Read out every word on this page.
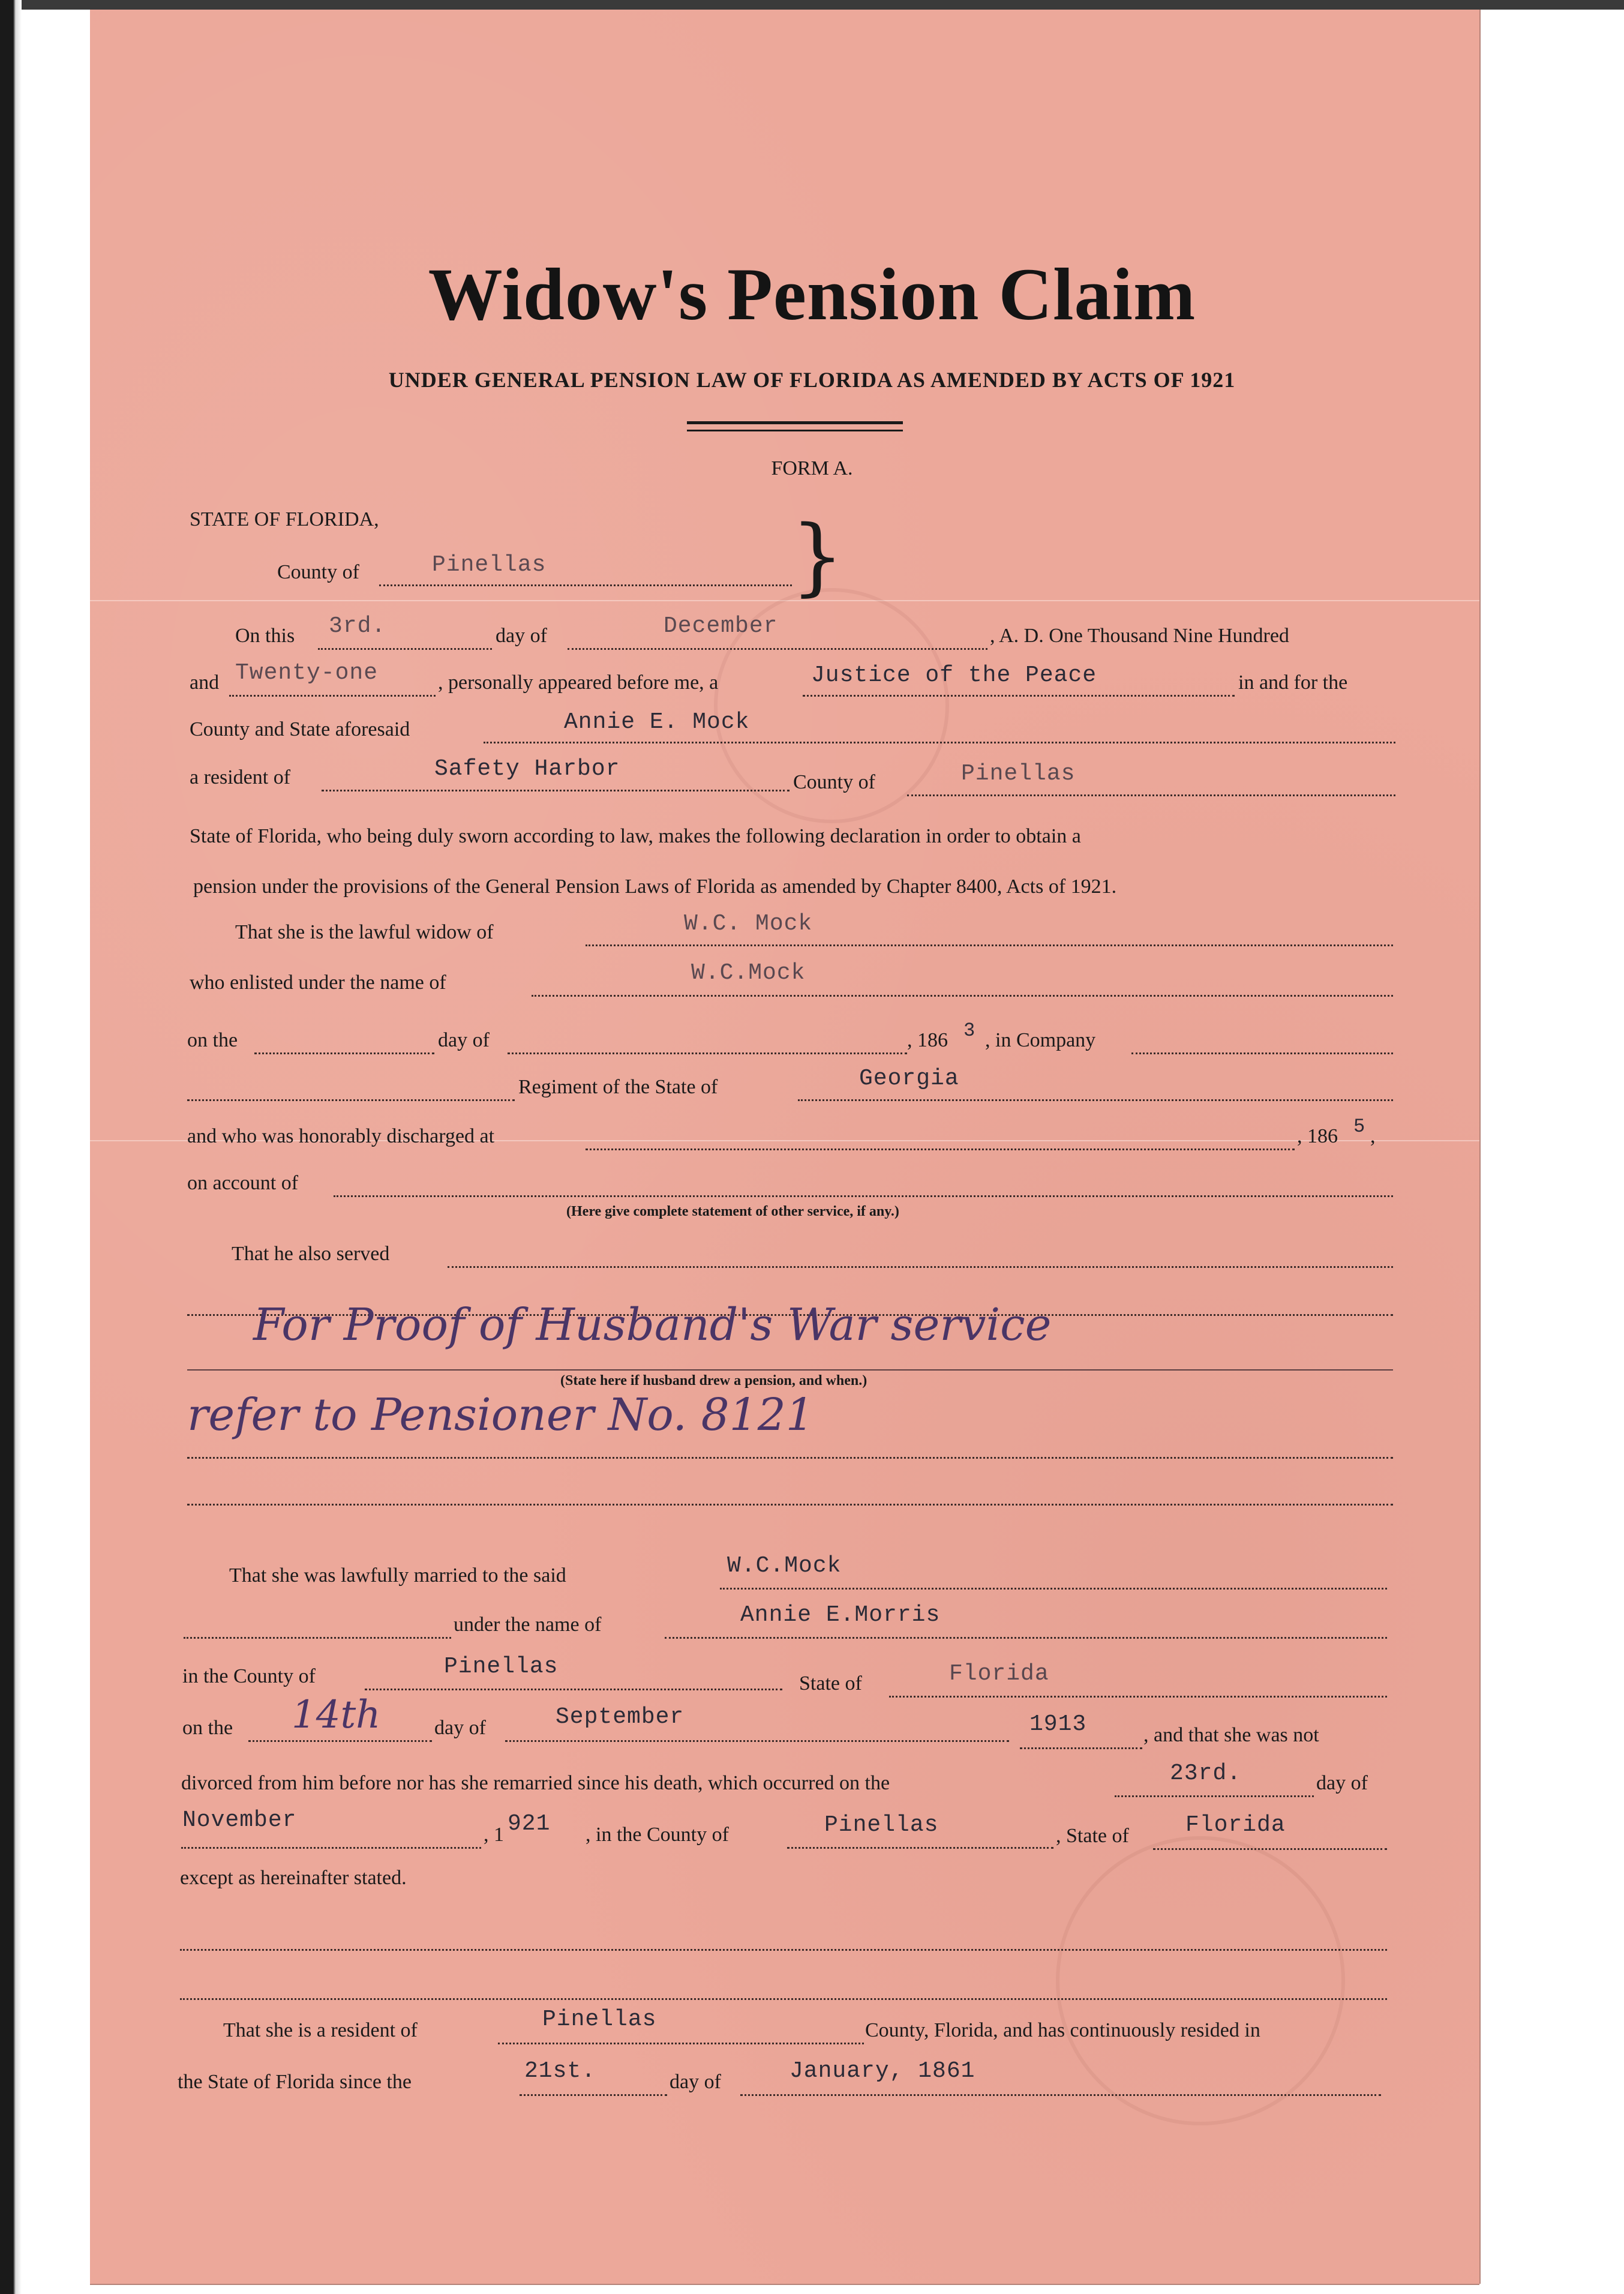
Widow's Pension Claim
UNDER GENERAL PENSION LAW OF FLORIDA AS AMENDED BY ACTS OF 1921
FORM A.
STATE OF FLORIDA,
County of	Pinellas	}
On this 3rd.	day of	December	, A. D. One Thousand Nine Hundred
and Twenty-one	, personally appeared before me, a	Justice of the Peace	in and for the
County and State aforesaid	Annie E. Mock
a resident of	Safety Harbor
County of	Pinellas
State of Florida, who being duly sworn according to law, makes the following declaration in order to obtain a
pension under the provisions of the General Pension Laws of Florida as amended by Chapter 8400, Acts of 1921.
That she is the lawful widow of	W.C. Mock
who enlisted under the name of	W.C.Mock
on the	day of	, 186 3 , in Company
Regiment of the State of	Georgia
and who was honorably discharged at	, 186 5 ,
on account of
(Here give complete statement of other service, if any.)
That he also served
For Proof of Husband's War service
(State here if husband drew a pension, and when.)
refer to Pensioner No. 8121
That she was lawfully married to the said	W.C.Mock
under the name of	Annie E.Morris
in the County of	Pinellas
State of	Florida
on the 14th	day of	September	1913	, and that she was not
divorced from him before nor has she remarried since his death, which occurred on the	23rd.	day of
November
, 1 921 , in the County of	Pinellas	, State of Florida
except as hereinafter stated.
That she is a resident of	Pinellas	County, Florida, and has continuously resided in
the State of Florida since the	21st.	day of	January, 1861
